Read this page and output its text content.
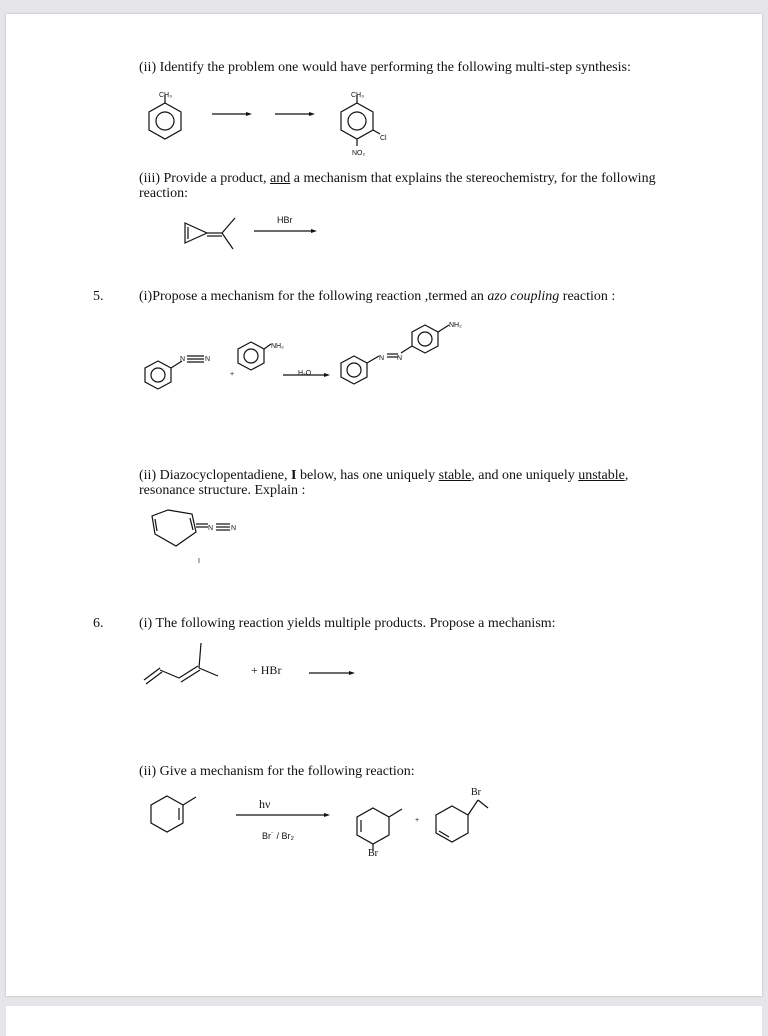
(ii) Identify the problem one would have performing the following multi-step synthesis:
CH₃	CH₃
Cl
NO₂
(iii) Provide a product, and a mechanism that explains the stereochemistry, for the following
reaction:
HBr
5.	(i)Propose a mechanism for the following reaction ,termed an azo coupling reaction :
N	N
NH₂
+	H₂O
N N
NH₂
(ii) Diazocyclopentadiene, I below, has one uniquely stable, and one uniquely unstable,
resonance structure. Explain :
N	N
I
6.	(i) The following reaction yields multiple products. Propose a mechanism:
+ HBr
(ii) Give a mechanism for the following reaction:
hν
Br˙ / Br₂
Br
+
Br
